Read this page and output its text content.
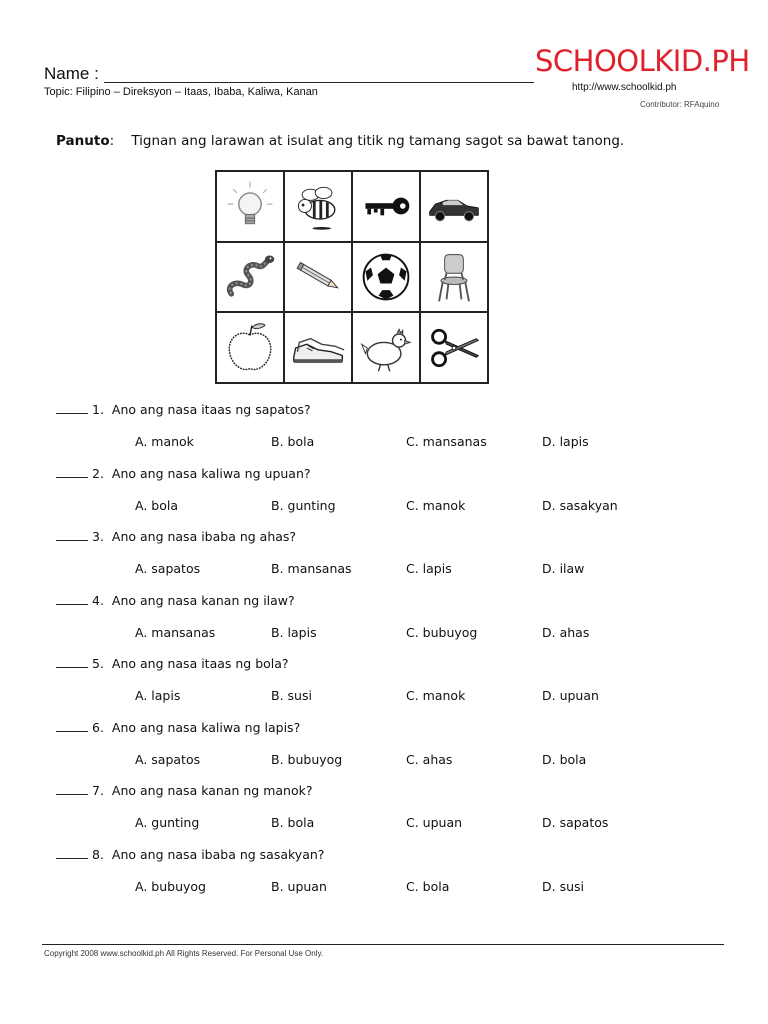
Name :
Topic: Filipino – Direksyon – Itaas, Ibaba, Kaliwa, Kanan
SCHOOLKID.PH
http://www.schoolkid.ph
Contributor: RFAquino
Panuto:    Tignan ang larawan at isulat ang titik ng tamang sagot sa bawat tanong.
1. Ano ang nasa itaas ng sapatos?
A. manok	B. bola	C. mansanas	D. lapis
2. Ano ang nasa kaliwa ng upuan?
A. bola	B. gunting	C. manok	D. sasakyan
3. Ano ang nasa ibaba ng ahas?
A. sapatos	B. mansanas	C. lapis	D. ilaw
4. Ano ang nasa kanan ng ilaw?
A. mansanas	B. lapis	C. bubuyog	D. ahas
5. Ano ang nasa itaas ng bola?
A. lapis	B. susi	C. manok	D. upuan
6. Ano ang nasa kaliwa ng lapis?
A. sapatos	B. bubuyog	C. ahas	D. bola
7. Ano ang nasa kanan ng manok?
A. gunting	B. bola	C. upuan	D. sapatos
8. Ano ang nasa ibaba ng sasakyan?
A. bubuyog	B. upuan	C. bola	D. susi
Copyright 2008 www.schoolkid.ph All Rights Reserved. For Personal Use Only.
